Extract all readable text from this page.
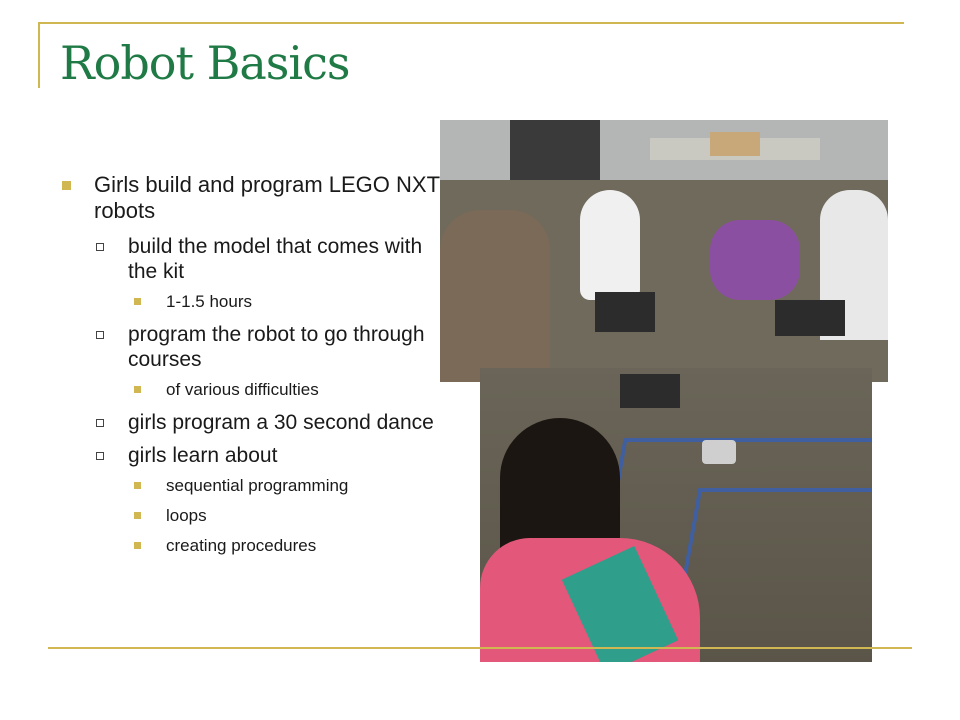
Robot Basics
Girls build and program LEGO NXT robots
build the model that comes with the kit
1-1.5 hours
program the robot to go through courses
of various difficulties
girls program a 30 second dance
girls learn about
sequential programming
loops
creating procedures
